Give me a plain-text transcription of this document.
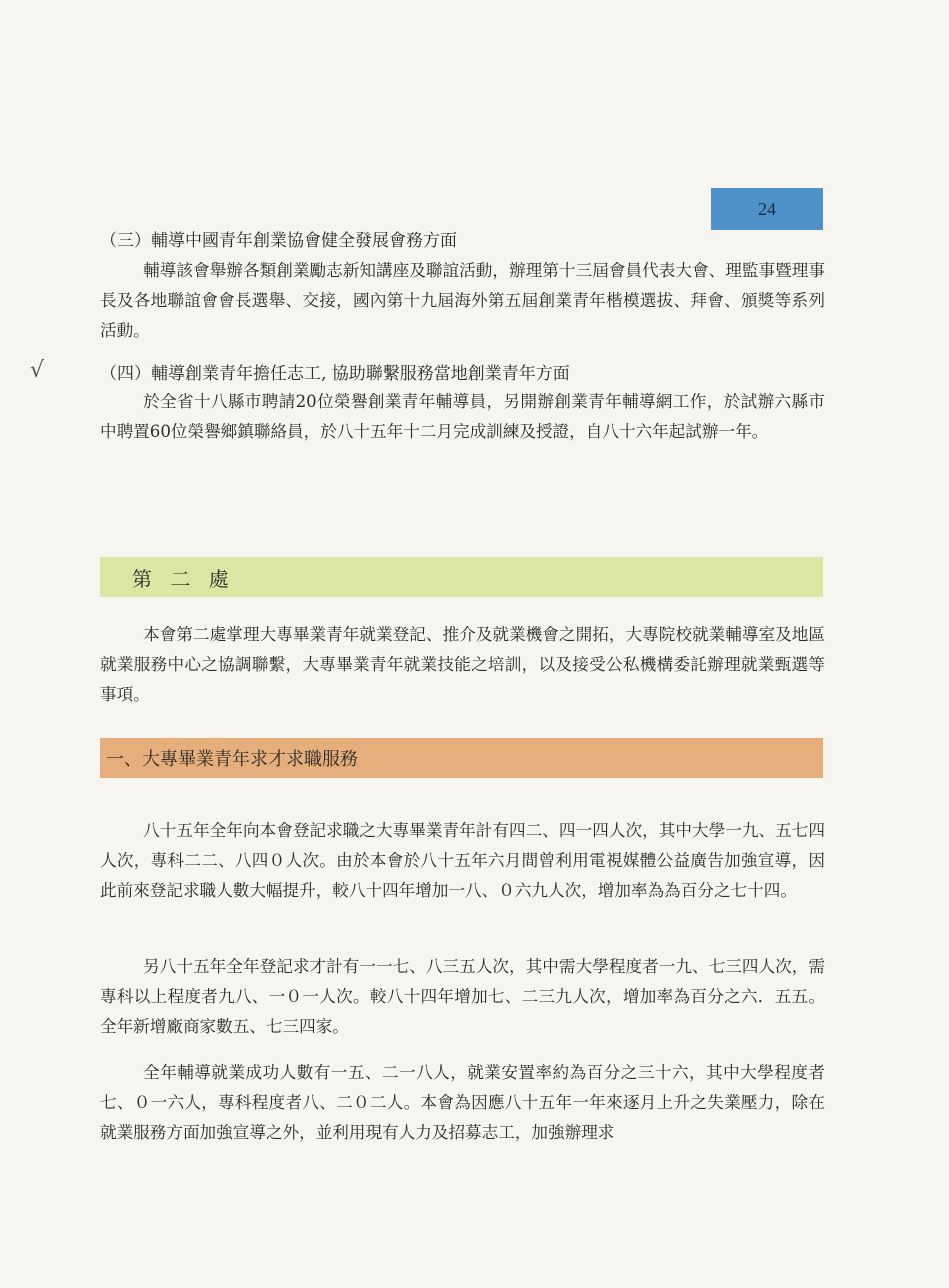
24
（三）輔導中國青年創業協會健全發展會務方面
輔導該會舉辦各類創業勵志新知講座及聯誼活動，辦理第十三屆會員代表大會、理監事暨理事長及各地聯誼會會長選舉、交接，國內第十九屆海外第五屆創業青年楷模選拔、拜會、頒獎等系列活動。
√	（四）輔導創業青年擔任志工, 協助聯繫服務當地創業青年方面
於全省十八縣市聘請20位榮譽創業青年輔導員，另開辦創業青年輔導網工作，於試辦六縣市中聘置60位榮譽鄉鎮聯絡員，於八十五年十二月完成訓練及授證，自八十六年起試辦一年。
第 二 處
本會第二處掌理大專畢業青年就業登記、推介及就業機會之開拓，大專院校就業輔導室及地區就業服務中心之協調聯繫，大專畢業青年就業技能之培訓，以及接受公私機構委託辦理就業甄選等事項。
一、大專畢業青年求才求職服務
八十五年全年向本會登記求職之大專畢業青年計有四二、四一四人次，其中大學一九、五七四人次，專科二二、八四０人次。由於本會於八十五年六月間曾利用電視媒體公益廣告加強宣導，因此前來登記求職人數大幅提升，較八十四年增加一八、０六九人次，增加率為為百分之七十四。
另八十五年全年登記求才計有一一七、八三五人次，其中需大學程度者一九、七三四人次，需專科以上程度者九八、一０一人次。較八十四年增加七、二三九人次，增加率為百分之六．五五。全年新增廠商家數五、七三四家。
全年輔導就業成功人數有一五、二一八人，就業安置率約為百分之三十六，其中大學程度者七、０一六人，專科程度者八、二０二人。本會為因應八十五年一年來逐月上升之失業壓力，除在就業服務方面加強宣導之外，並利用現有人力及招募志工，加強辦理求
